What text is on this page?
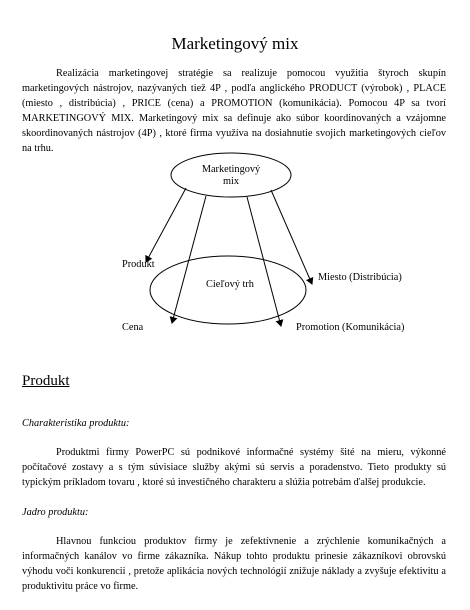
Marketingový mix

Realizácia marketingovej stratégie sa realizuje pomocou využitia štyroch skupín marketingových nástrojov, nazývaných tiež 4P , podľa anglického PRODUCT (výrobok) , PLACE (miesto , distribúcia) , PRICE (cena) a PROMOTION (komunikácia). Pomocou 4P sa tvorí MARKETINGOVÝ MIX. Marketingový mix sa definuje ako súbor koordinovaných a vzájomne skoordinovaných nástrojov (4P) , ktoré firma využíva na dosiahnutie svojich marketingových cieľov na trhu.

Marketingový
mix
Cieľový trh
Produkt
Cena
Miesto (Distribúcia)
Promotion (Komunikácia)
Produkt
Charakteristika produktu:

Produktmi firmy PowerPC sú podnikové informačné systémy šité na mieru, výkonné počítačové zostavy a s tým súvisiace služby akými sú servis a poradenstvo. Tieto produkty sú typickým príkladom tovaru , ktoré sú investičného charakteru a slúžia potrebám ďalšej produkcie.

Jadro produktu:

Hlavnou funkciou produktov firmy je zefektívnenie a zrýchlenie komunikačných a informačných kanálov vo firme zákazníka. Nákup tohto produktu prinesie zákazníkovi obrovskú výhodu voči konkurencii , pretože aplikácia nových technológií znižuje náklady a zvyšuje efektivitu a produktivitu práce vo firme.
